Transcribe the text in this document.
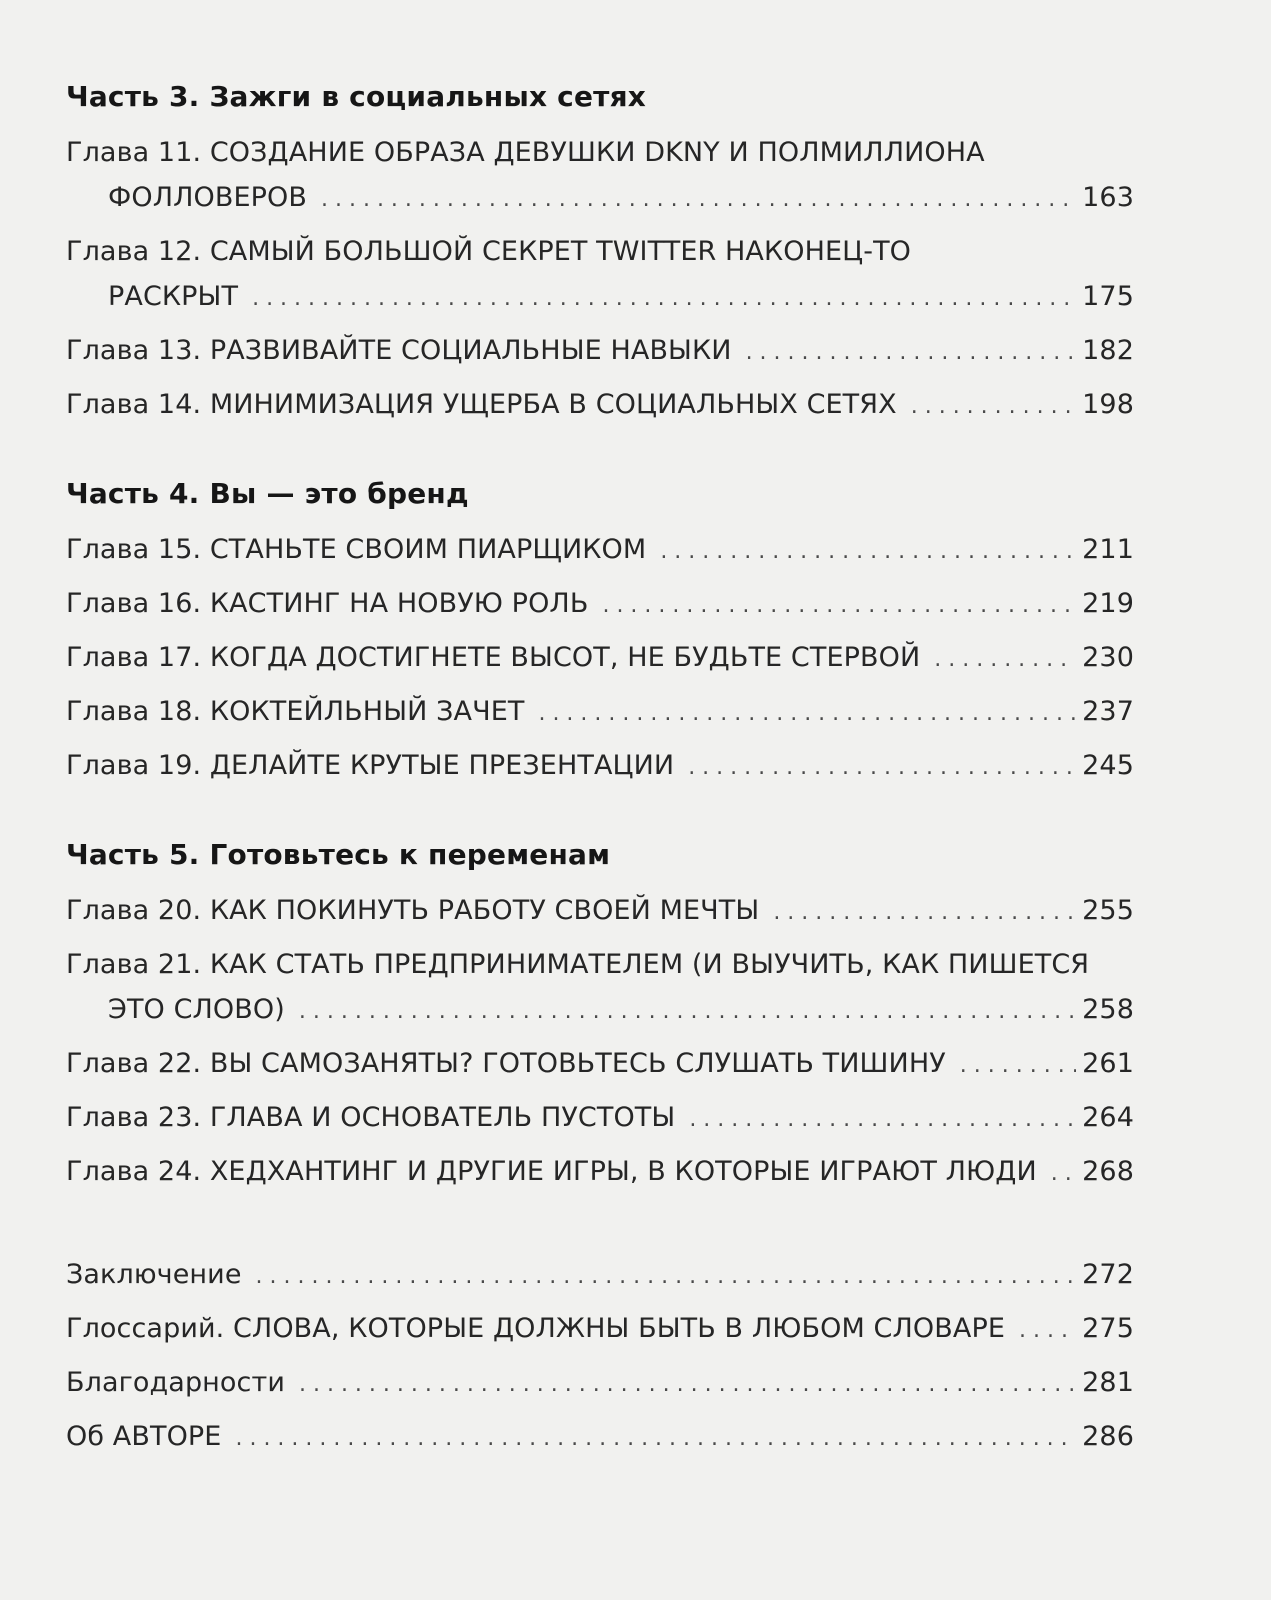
Часть 3. Зажги в социальных сетях
Глава 11. СОЗДАНИЕ ОБРАЗА ДЕВУШКИ DKNY И ПОЛМИЛЛИОНА
ФОЛЛОВЕРОВ . . .	163
Глава 12. САМЫЙ БОЛЬШОЙ СЕКРЕТ TWITTER НАКОНЕЦ-ТО
РАСКРЫТ . . .	175
Глава 13. РАЗВИВАЙТЕ СОЦИАЛЬНЫЕ НАВЫКИ . . .	182
Глава 14. МИНИМИЗАЦИЯ УЩЕРБА В СОЦИАЛЬНЫХ СЕТЯХ . . .	198
Часть 4. Вы — это бренд
Глава 15. СТАНЬТЕ СВОИМ ПИАРЩИКОМ . . .	211
Глава 16. КАСТИНГ НА НОВУЮ РОЛЬ . . .	219
Глава 17. КОГДА ДОСТИГНЕТЕ ВЫСОТ, НЕ БУДЬТЕ СТЕРВОЙ . . .	230
Глава 18. КОКТЕЙЛЬНЫЙ ЗАЧЕТ . . .	237
Глава 19. ДЕЛАЙТЕ КРУТЫЕ ПРЕЗЕНТАЦИИ . . .	245
Часть 5. Готовьтесь к переменам
Глава 20. КАК ПОКИНУТЬ РАБОТУ СВОЕЙ МЕЧТЫ . . .	255
Глава 21. КАК СТАТЬ ПРЕДПРИНИМАТЕЛЕМ (И ВЫУЧИТЬ, КАК ПИШЕТСЯ
ЭТО СЛОВО) . . .	258
Глава 22. ВЫ САМОЗАНЯТЫ? ГОТОВЬТЕСЬ СЛУШАТЬ ТИШИНУ . . .	261
Глава 23. ГЛАВА И ОСНОВАТЕЛЬ ПУСТОТЫ . . .	264
Глава 24. ХЕДХАНТИНГ И ДРУГИЕ ИГРЫ, В КОТОРЫЕ ИГРАЮТ ЛЮДИ . . . 268
Заключение . . .	272
Глоссарий. СЛОВА, КОТОРЫЕ ДОЛЖНЫ БЫТЬ В ЛЮБОМ СЛОВАРЕ . . .	275
Благодарности . . .	281
Об АВТОРЕ . . .	286
